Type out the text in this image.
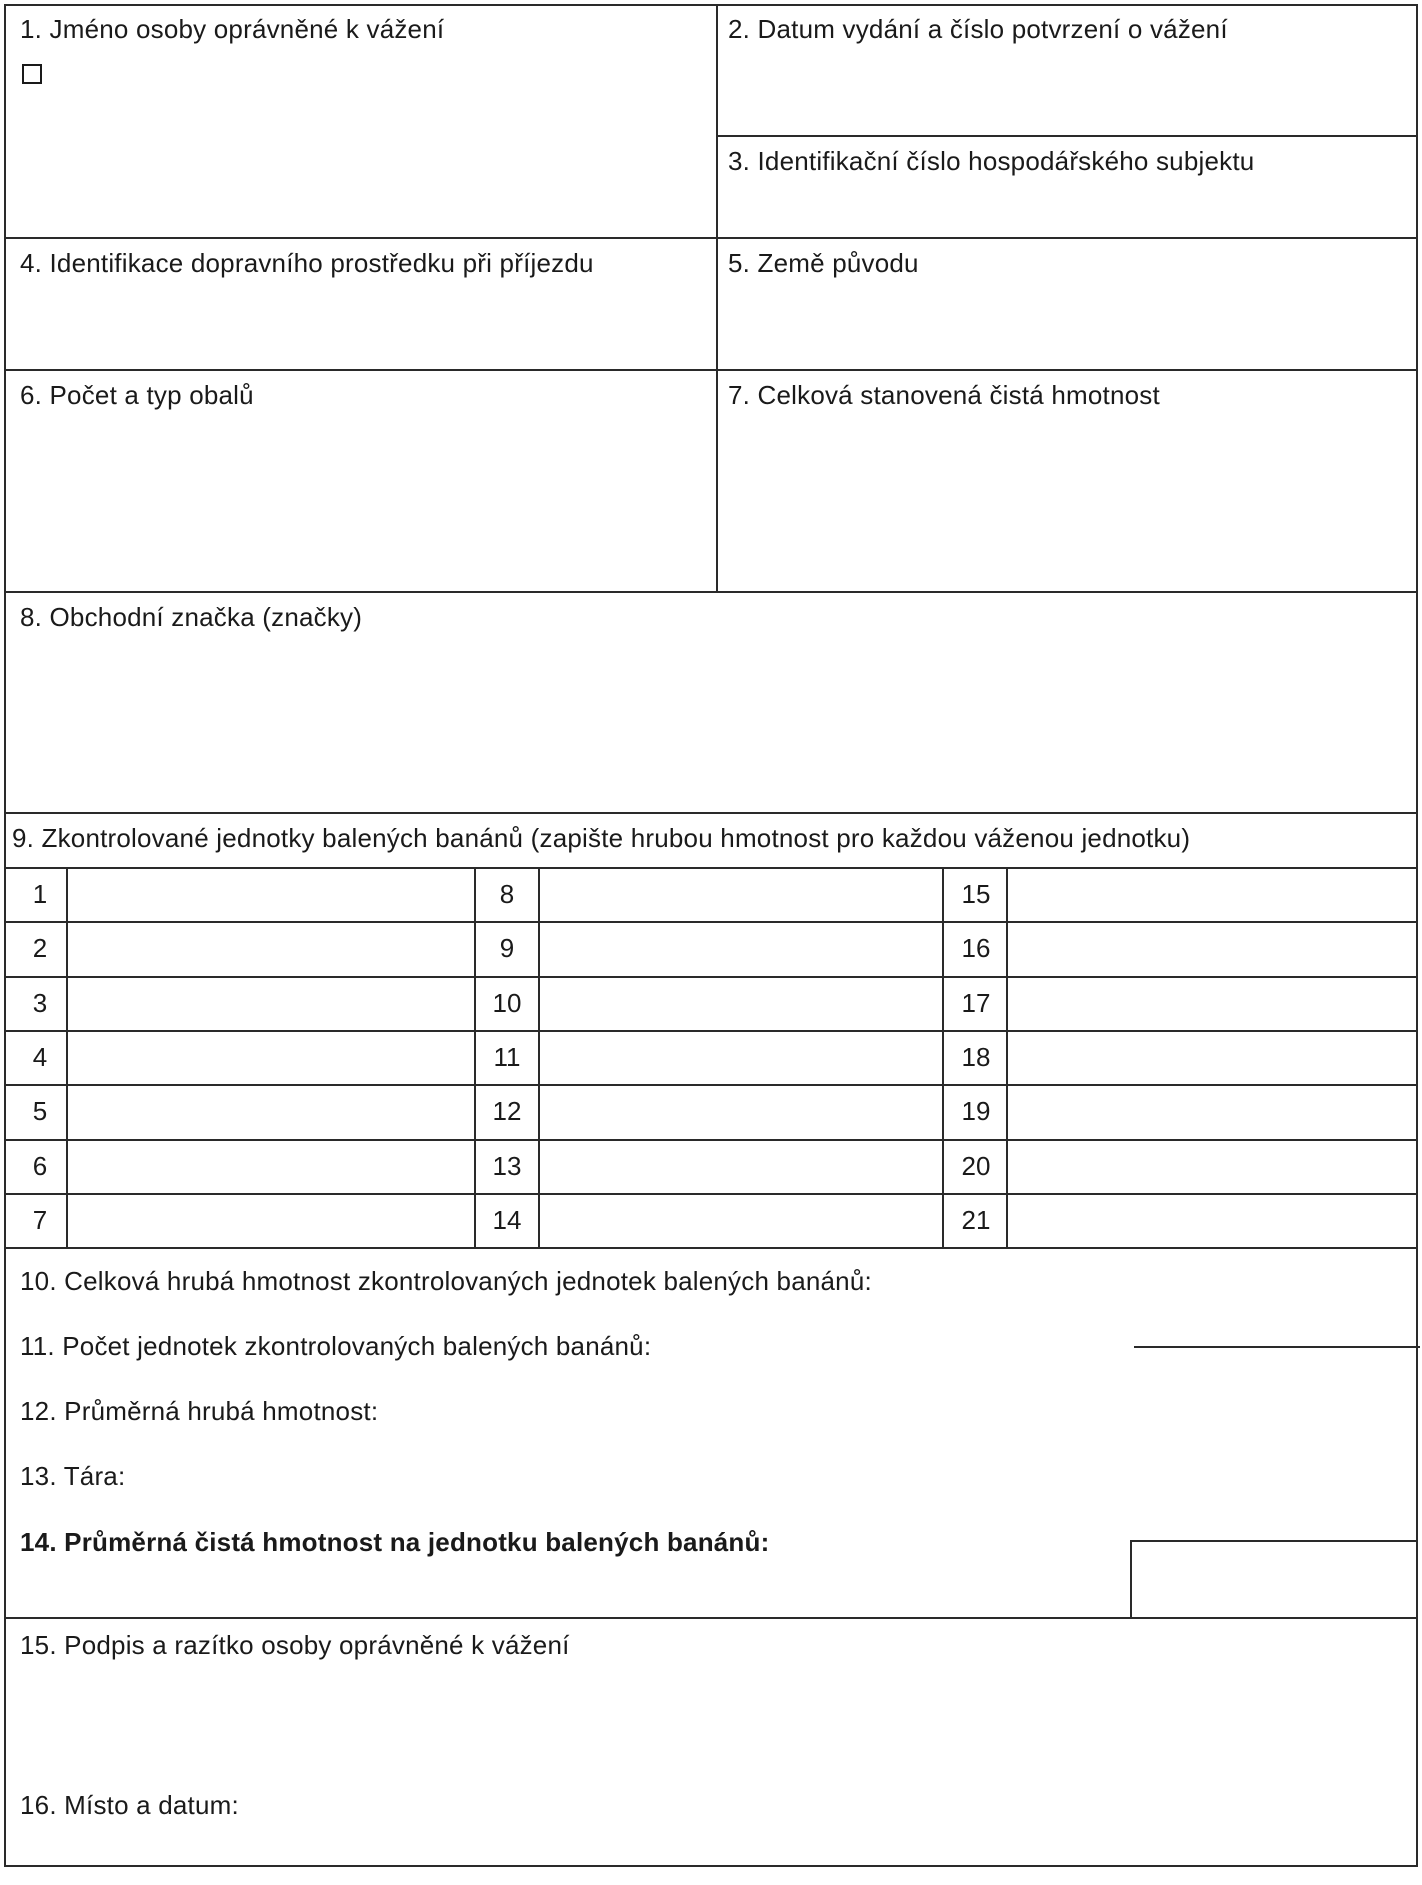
1. Jméno osoby oprávněné k vážení	2. Datum vydání a číslo potvrzení o vážení
3. Identifikační číslo hospodářského subjektu
4. Identifikace dopravního prostředku při příjezdu	5. Země původu
6. Počet a typ obalů	7. Celková stanovená čistá hmotnost
8. Obchodní značka (značky)
9. Zkontrolované jednotky balených banánů (zapište hrubou hmotnost pro každou váženou jednotku)
1	8	15
2	9	16
3	10	17
4	11	18
5	12	19
6	13	20
7	14	21
10. Celková hrubá hmotnost zkontrolovaných jednotek balených banánů:
11. Počet jednotek zkontrolovaných balených banánů:
12. Průměrná hrubá hmotnost:
13. Tára:
14. Průměrná čistá hmotnost na jednotku balených banánů:
15. Podpis a razítko osoby oprávněné k vážení
16. Místo a datum:
